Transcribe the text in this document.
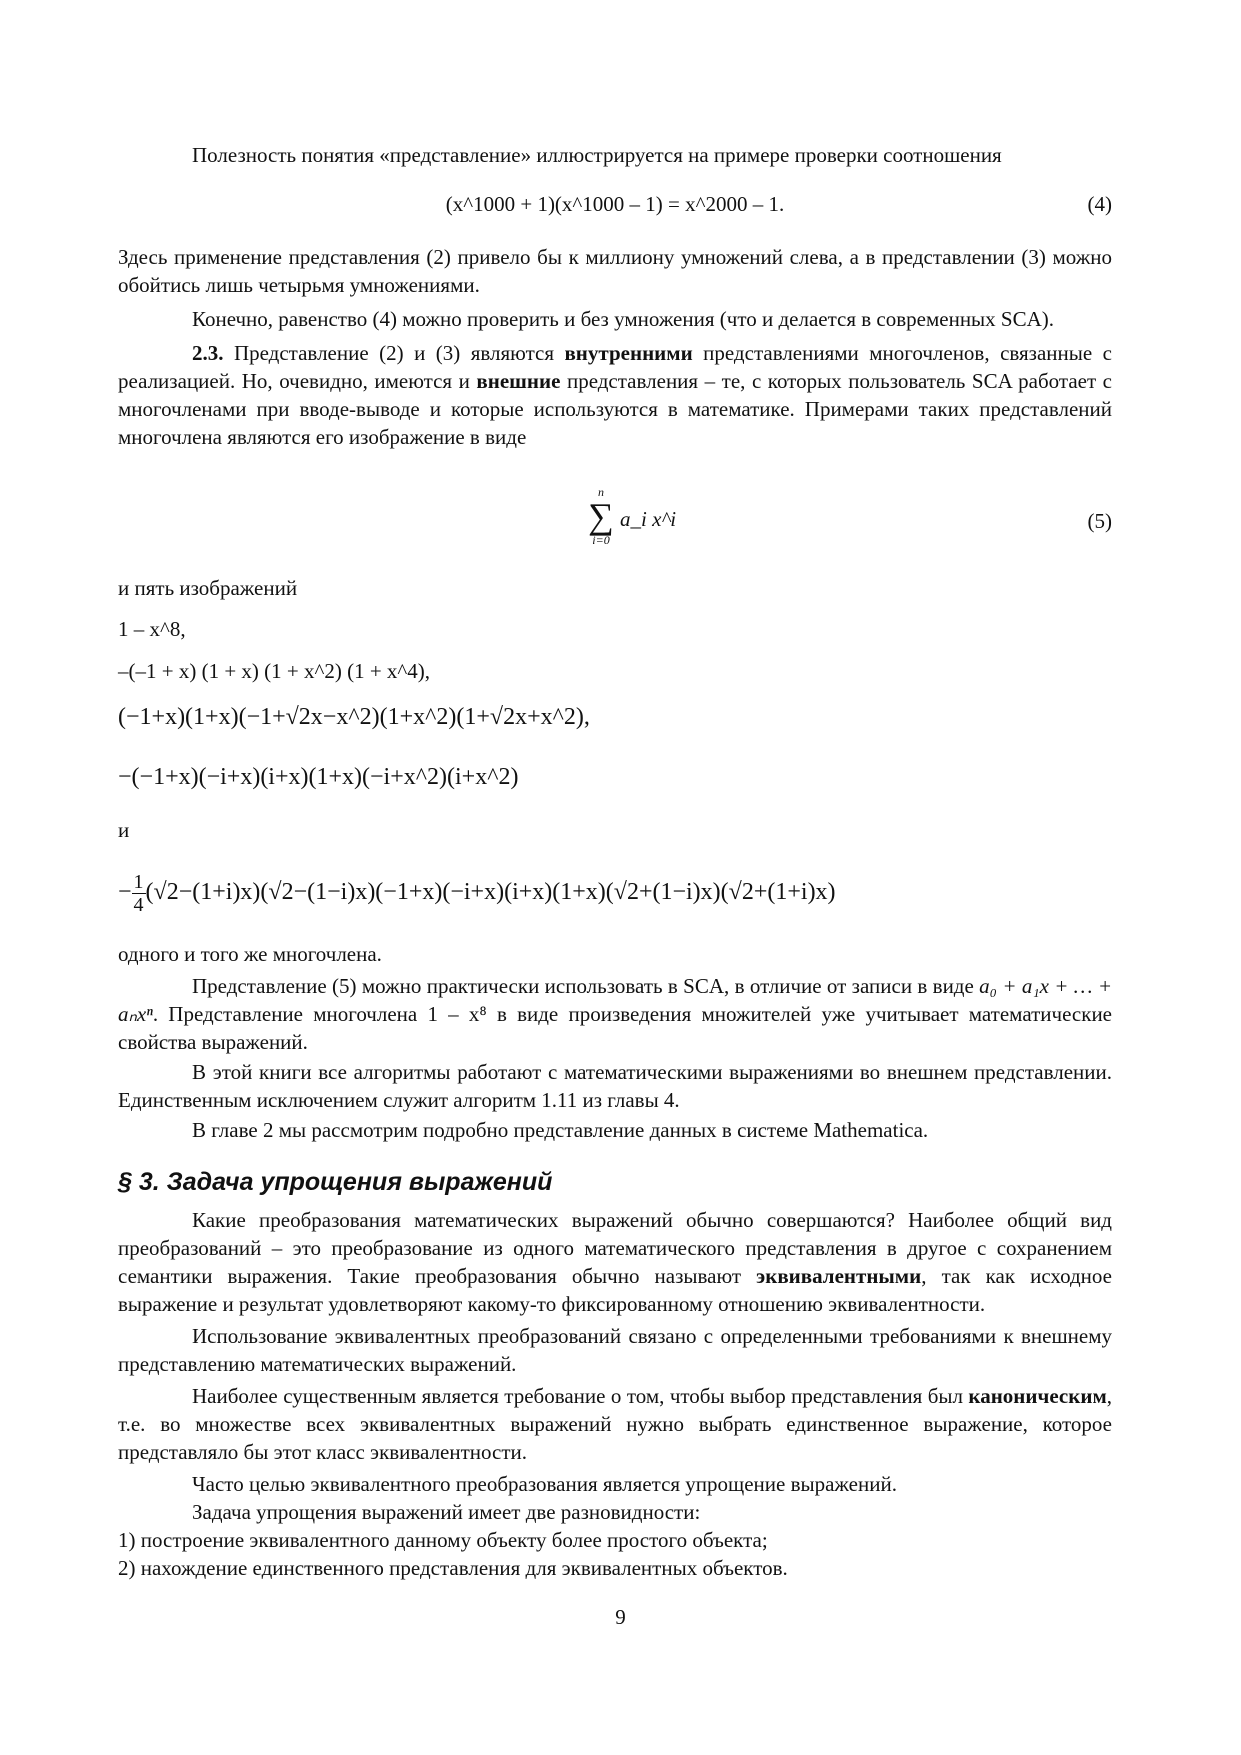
Полезность понятия «представление» иллюстрируется на примере проверки соотношения

(x^1000 + 1)(x^1000 – 1) = x^2000 – 1.	(4)

Здесь применение представления (2) привело бы к миллиону умножений слева, а в представлении (3) можно обойтись лишь четырьмя умножениями.

Конечно, равенство (4) можно проверить и без умножения (что и делается в современных SCA).

2.3. Представление (2) и (3) являются внутренними представлениями многочленов, связанные с реализацией. Но, очевидно, имеются и внешние представления – те, с которых пользователь SCA работает с многочленами при вводе-выводе и которые используются в математике. Примерами таких представлений многочлена являются его изображение в виде

n
∑
i=0
a_i x^i	(5)

и пять изображений

1 – x^8,
–(–1 + x) (1 + x) (1 + x^2) (1 + x^4),
(−1+x)(1+x)(−1+√2x−x^2)(1+x^2)(1+√2x+x^2),
−(−1+x)(−i+x)(i+x)(1+x)(−i+x^2)(i+x^2)
и
− $\frac{1}{4} (√2-(1+i)x)(√2-(1-i)x)(-1+x)(-i+x)(i+x)(1+x)(√2+(1-i)x)(√2+(1+i)x)$

одного и того же многочлена.

Представление (5) можно практически использовать в SCA, в отличие от записи в виде a₀ + a₁x + … + aₙxⁿ. Представление многочлена 1 – x⁸ в виде произведения множителей уже учитывает математические свойства выражений.

В этой книги все алгоритмы работают с математическими выражениями во внешнем представлении. Единственным исключением служит алгоритм 1.11 из главы 4.

В главе 2 мы рассмотрим подробно представление данных в системе Mathematica.

§ 3. Задача упрощения выражений

Какие преобразования математических выражений обычно совершаются? Наиболее общий вид преобразований – это преобразование из одного математического представления в другое с сохранением семантики выражения. Такие преобразования обычно называют эквивалентными, так как исходное выражение и результат удовлетворяют какому-то фиксированному отношению эквивалентности.

Использование эквивалентных преобразований связано с определенными требованиями к внешнему представлению математических выражений.

Наиболее существенным является требование о том, чтобы выбор представления был каноническим, т.е. во множестве всех эквивалентных выражений нужно выбрать единственное выражение, которое представляло бы этот класс эквивалентности.

Часто целью эквивалентного преобразования является упрощение выражений.

Задача упрощения выражений имеет две разновидности:

1) построение эквивалентного данному объекту более простого объекта;

2) нахождение единственного представления для эквивалентных объектов.

9
